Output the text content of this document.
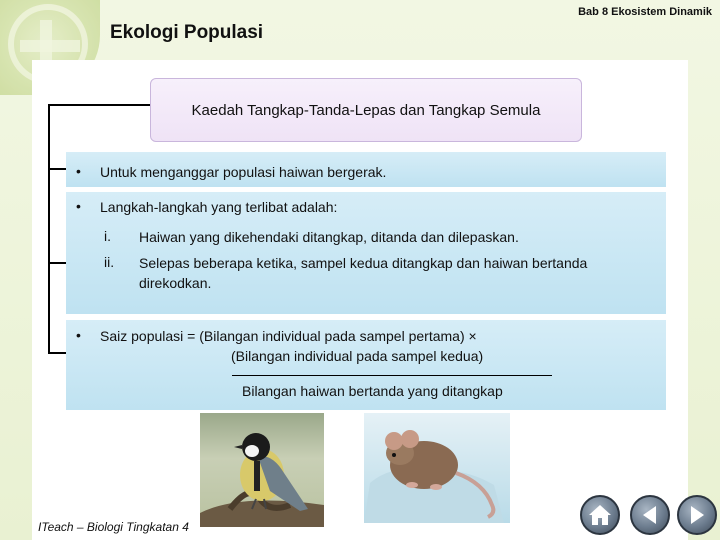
Bab 8 Ekosistem Dinamik
Ekologi Populasi
Kaedah Tangkap-Tanda-Lepas dan Tangkap Semula
• Untuk menganggar populasi haiwan bergerak.
• Langkah-langkah yang terlibat adalah:
i. Haiwan yang dikehendaki ditangkap, ditanda dan dilepaskan.
ii. Selepas beberapa ketika, sampel kedua ditangkap dan haiwan bertanda
direkodkan.
• Saiz populasi = (Bilangan individual pada sampel pertama) ×
(Bilangan individual pada sampel kedua)
Bilangan haiwan bertanda yang ditangkap
ITeach – Biologi Tingkatan 4
